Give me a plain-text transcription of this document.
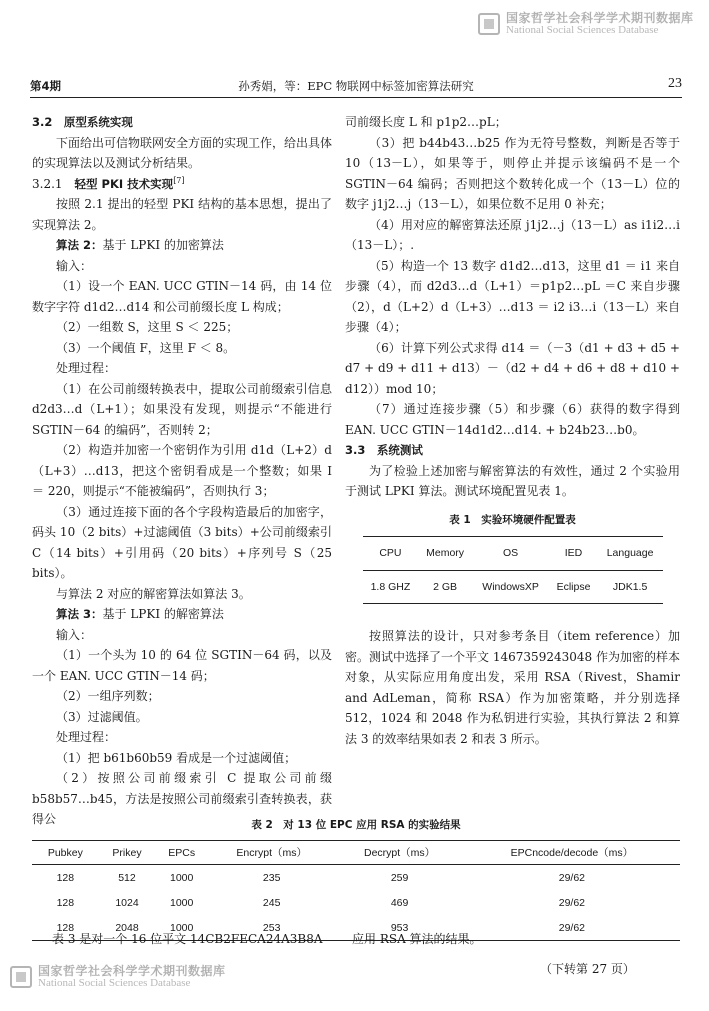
国家哲学社会科学学术期刊数据库
National Social Sciences Database
第4期	孙秀娟，等：EPC 物联网中标签加密算法研究	23

3.2　原型系统实现

下面给出可信物联网安全方面的实现工作，给出具体的实现算法以及测试分析结果。

3.2.1　轻型 PKI 技术实现[7]

按照 2.1 提出的轻型 PKI 结构的基本思想，提出了实现算法 2。

算法 2：基于 LPKI 的加密算法

输入：

（1）设一个 EAN. UCC GTIN－14 码，由 14 位数字字符 d1d2…d14 和公司前缀长度 L 构成；

（2）一组数 S，这里 S ＜ 225；

（3）一个阈值 F，这里 F ＜ 8。

处理过程：

（1）在公司前缀转换表中，提取公司前缀索引信息 d2d3…d（L+1）；如果没有发现，则提示“不能进行 SGTIN－64 的编码”，否则转 2；

（2）构造并加密一个密钥作为引用 d1d（L+2）d（L+3）…d13，把这个密钥看成是一个整数；如果 I ＝ 220，则提示“不能被编码”，否则执行 3；

（3）通过连接下面的各个字段构造最后的加密字，码头 10（2 bits）+过滤阈值（3 bits）+公司前缀索引 C（14 bits）+引用码（20 bits）+序列号 S（25 bits）。

与算法 2 对应的解密算法如算法 3。

算法 3：基于 LPKI 的解密算法

输入：

（1）一个头为 10 的 64 位 SGTIN－64 码，以及一个 EAN. UCC GTIN－14 码；

（2）一组序列数；

（3）过滤阈值。

处理过程：

（1）把 b61b60b59 看成是一个过滤阈值；

（2）按照公司前缀索引 C 提取公司前缀 b58b57…b45，方法是按照公司前缀索引查转换表，获得公

司前缀长度 L 和 p1p2…pL；

（3）把 b44b43…b25 作为无符号整数，判断是否等于 10（13－L），如果等于，则停止并提示该编码不是一个 SGTIN－64 编码；否则把这个数转化成一个（13－L）位的数字 j1j2…j（13－L），如果位数不足用 0 补充；

（4）用对应的解密算法还原 j1j2…j（13－L）as i1i2…i（13－L）；.

（5）构造一个 13 数字 d1d2…d13，这里 d1 ＝ i1 来自步骤（4），而 d2d3…d（L+1）＝p1p2…pL ＝C 来自步骤（2），d（L+2）d（L+3）…d13 ＝ i2 i3…i（13－L）来自步骤（4）；

（6）计算下列公式求得 d14 ＝（－3（d1 + d3 + d5 + d7 + d9 + d11 + d13）－（d2 + d4 + d6 + d8 + d10 + d12））mod 10；

（7）通过连接步骤（5）和步骤（6）获得的数字得到 EAN. UCC GTIN－14d1d2…d14. + b24b23…b0。

3.3　系统测试

为了检验上述加密与解密算法的有效性，通过 2 个实验用于测试 LPKI 算法。测试环境配置见表 1。

表 1　实验环境硬件配置表
CPU	Memory	OS	IED	Language
1.8 GHZ	2 GB	WindowsXP	Eclipse	JDK1.5

按照算法的设计，只对参考条目（item reference）加密。测试中选择了一个平文 1467359243048 作为加密的样本对象，从实际应用角度出发，采用 RSA（Rivest，Shamir and AdLeman，简称 RSA）作为加密策略，并分别选择 512，1024 和 2048 作为私钥进行实验，其执行算法 2 和算法 3 的效率结果如表 2 和表 3 所示。

表 2　对 13 位 EPC 应用 RSA 的实验结果
Pubkey	Prikey	EPCs	Encrypt（ms）	Decrypt（ms）	EPCncode/decode（ms）
128	512	1000	235	259	29/62
128	1024	1000	245	469	29/62
128	2048	1000	253	953	29/62
表 3 是对一个 16 位平文 14CB2FECA24A3B8A 应用 RSA 算法的结果。
（下转第 27 页）
国家哲学社会科学学术期刊数据库
National Social Sciences Database
